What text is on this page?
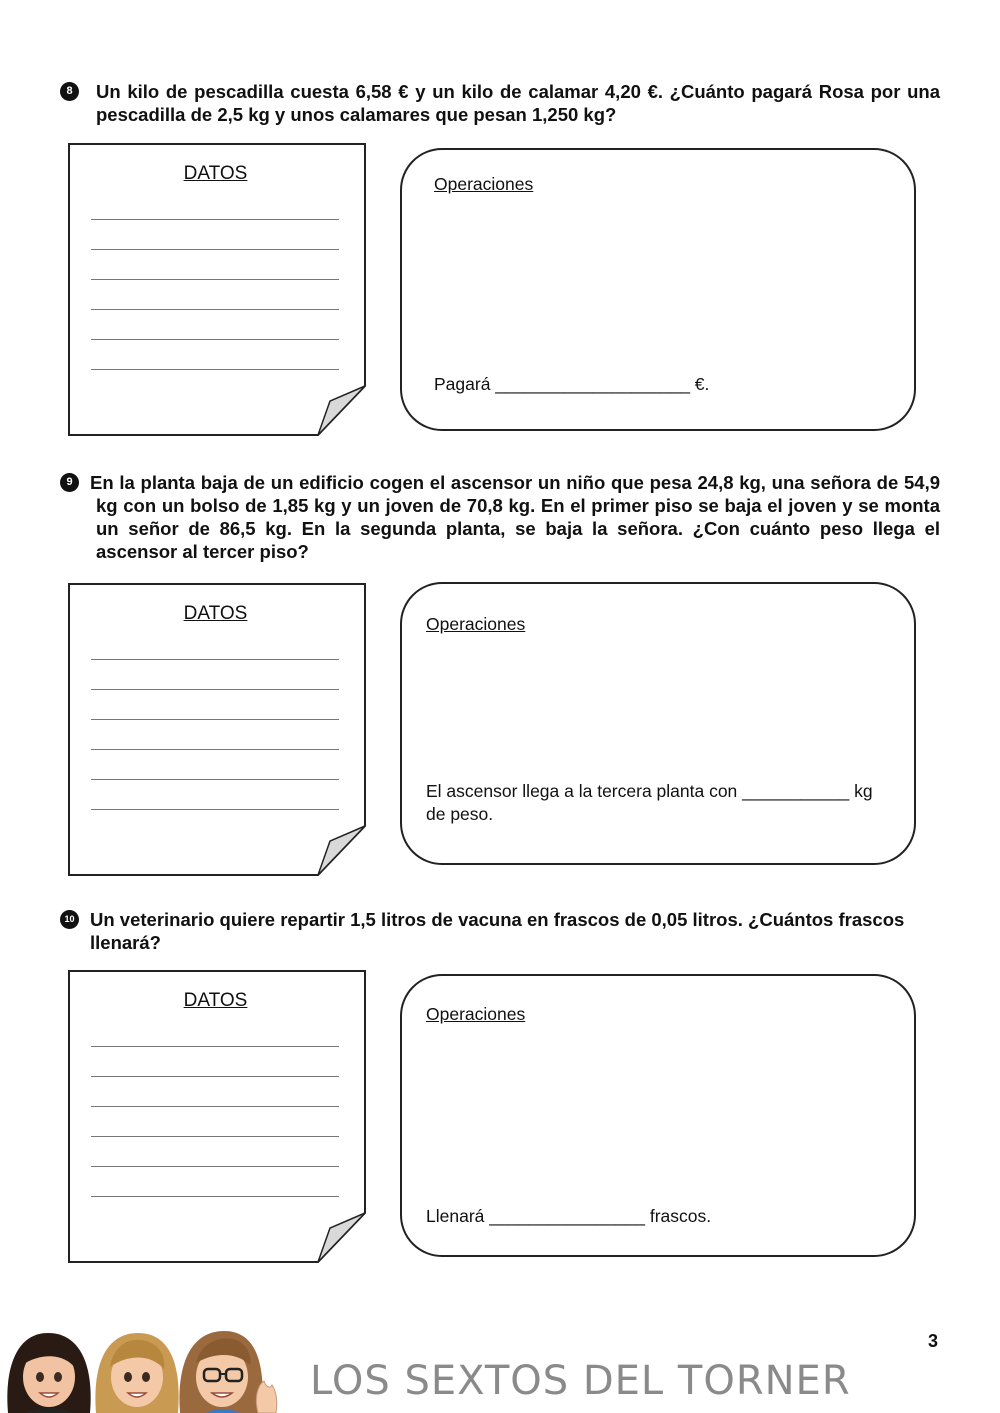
8	Un kilo de pescadilla cuesta 6,58 € y un kilo de calamar 4,20 €. ¿Cuánto pagará Rosa por una pescadilla de 2,5 kg y unos calamares que pesan 1,250 kg?
DATOS	Operaciones
Pagará ____________________ €.
9 En la planta baja de un edificio cogen el ascensor un niño que pesa 24,8 kg, una señora de 54,9 kg con un bolso de 1,85 kg y un joven de 70,8 kg. En el primer piso se baja el joven y se monta un señor de 86,5 kg. En la segunda planta, se baja la señora. ¿Con cuánto peso llega el ascensor al tercer piso?
DATOS	Operaciones
El ascensor llega a la tercera planta con ___________ kg de peso.
10 Un veterinario quiere repartir 1,5 litros de vacuna en frascos de 0,05 litros. ¿Cuántos frascos llenará?
DATOS
Operaciones
Llenará ________________ frascos.
3
LOS SEXTOS DEL TORNER
